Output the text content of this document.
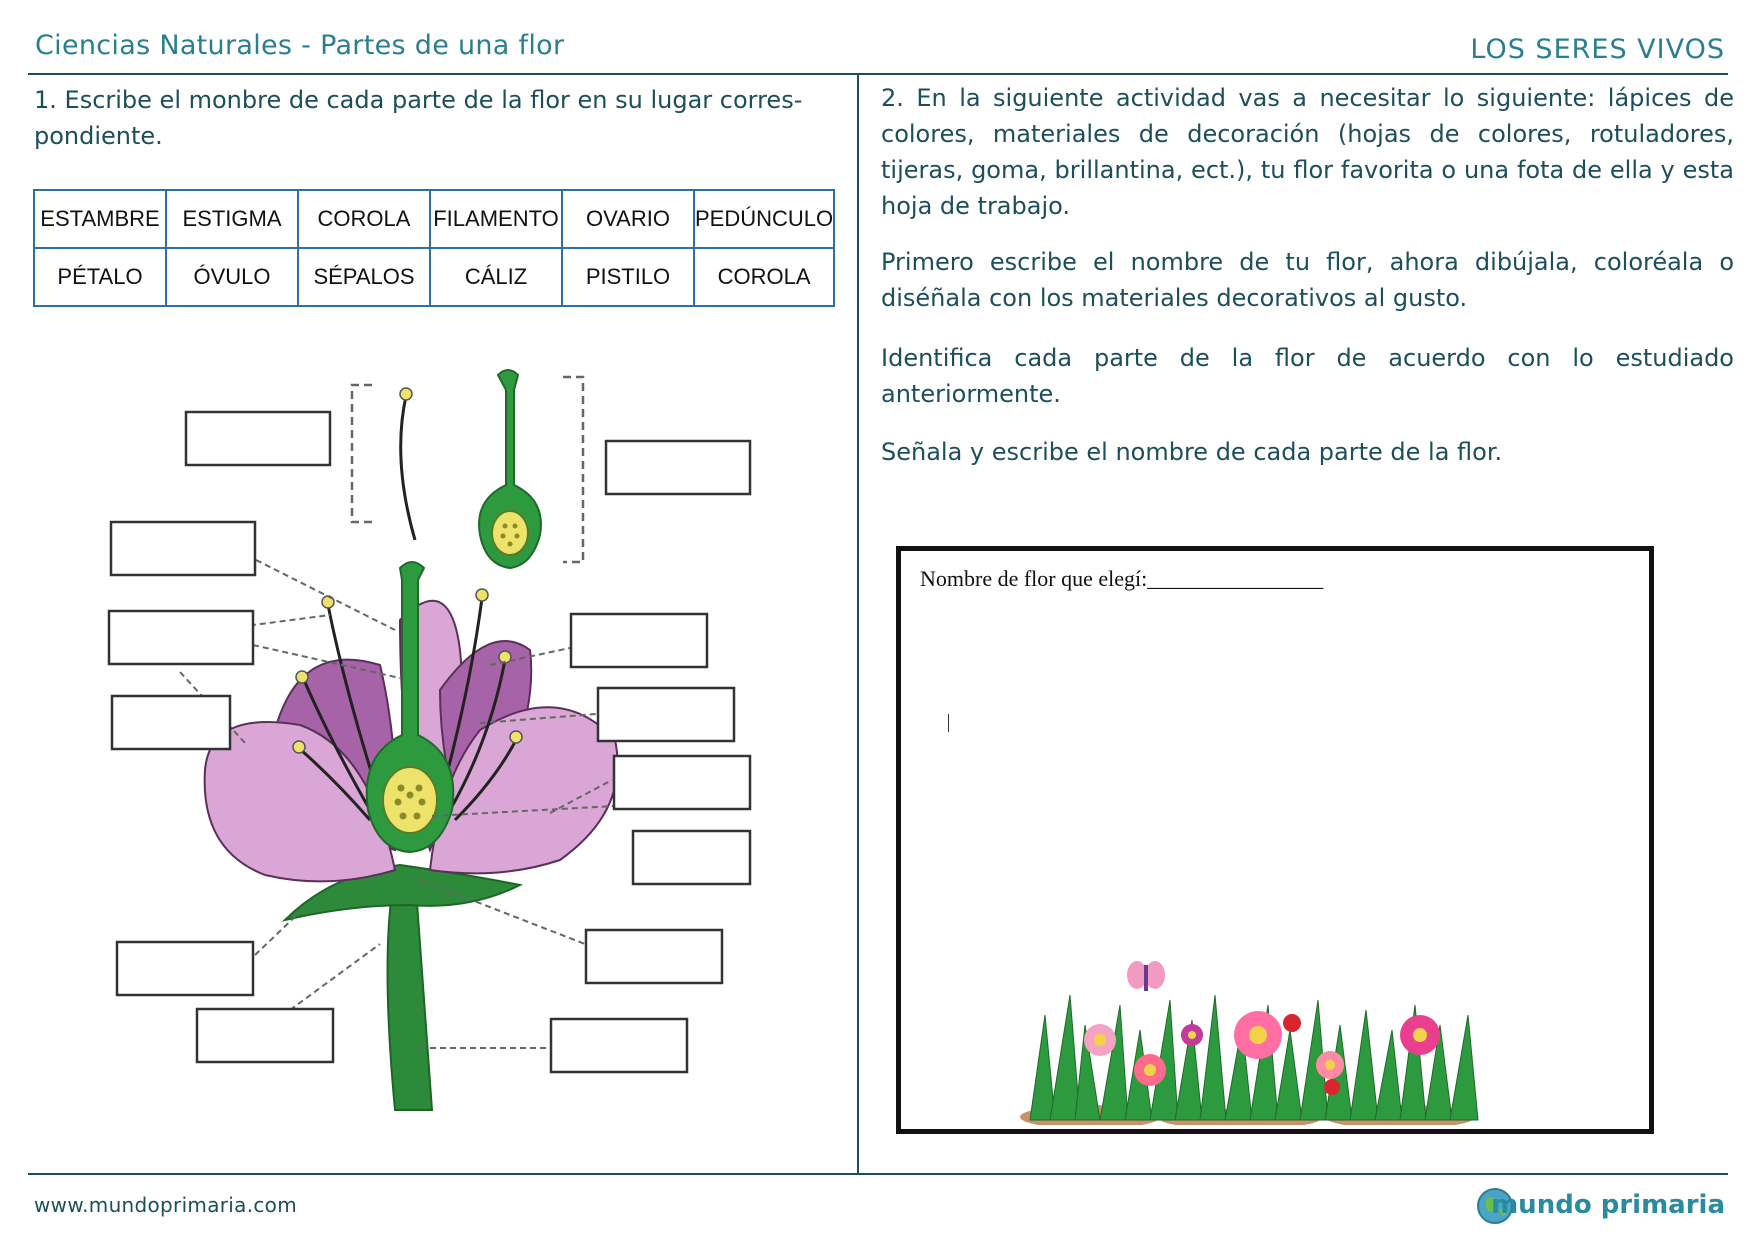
Ciencias Naturales - Partes de una flor	LOS SERES VIVOS
1. Escribe el monbre de cada parte de la flor en su lugar corres-pondiente.
ESTAMBRE	ESTIGMA	COROLA	FILAMENTO	OVARIO	PEDÚNCULO
PÉTALO	ÓVULO	SÉPALOS	CÁLIZ	PISTILO	COROLA
2. En la siguiente actividad vas a necesitar lo siguiente: lápices de colores, materiales de decoración (hojas de colores, rotuladores, tijeras, goma, brillantina, ect.), tu flor favorita o una fota de ella y esta hoja de trabajo.
Primero escribe el nombre de tu flor, ahora dibújala, coloréala o diséñala con los materiales decorativos al gusto.
Identifica cada parte de la flor de acuerdo con lo estudiado anteriormente.
Señala y escribe el nombre de cada parte de la flor.
Nombre de flor que elegí:________________
www.mundoprimaria.com	mundo primaria
